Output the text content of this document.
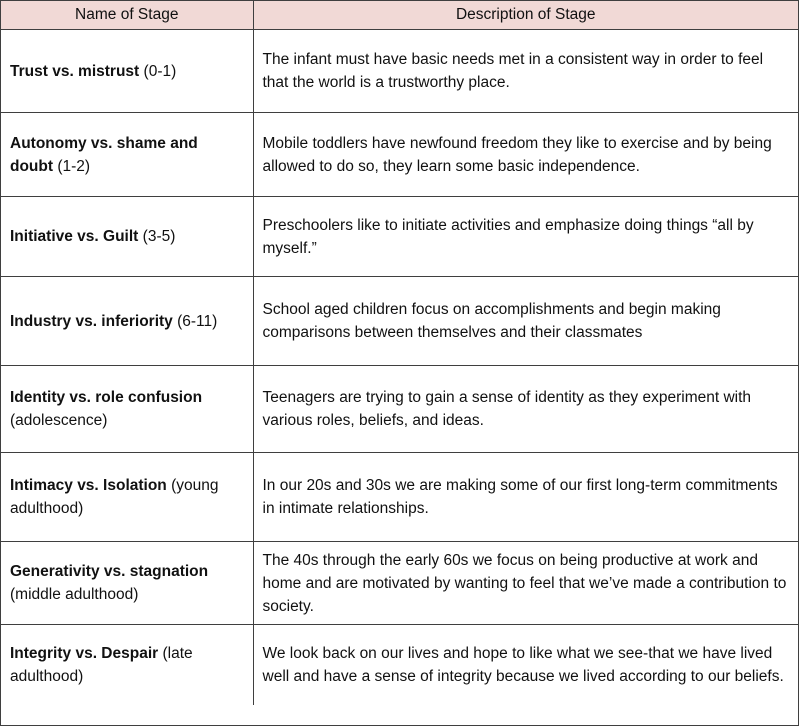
Name of Stage	Description of Stage
Trust vs. mistrust (0-1)	The infant must have basic needs met in a consistent way in order to feel that the world is a trustworthy place.
Autonomy vs. shame and doubt (1-2)	Mobile toddlers have newfound freedom they like to exercise and by being allowed to do so, they learn some basic independence.
Initiative vs. Guilt (3-5)	Preschoolers like to initiate activities and emphasize doing things “all by myself.”
Industry vs. inferiority (6-11)	School aged children focus on accomplishments and begin making comparisons between themselves and their classmates
Identity vs. role confusion (adolescence)	Teenagers are trying to gain a sense of identity as they experiment with various roles, beliefs, and ideas.
Intimacy vs. Isolation (young adulthood)	In our 20s and 30s we are making some of our first long-term commitments in intimate relationships.
Generativity vs. stagnation (middle adulthood)	The 40s through the early 60s we focus on being productive at work and home and are motivated by wanting to feel that we’ve made a contribution to society.
Integrity vs. Despair (late adulthood)	We look back on our lives and hope to like what we see-that we have lived well and have a sense of integrity because we lived according to our beliefs.
